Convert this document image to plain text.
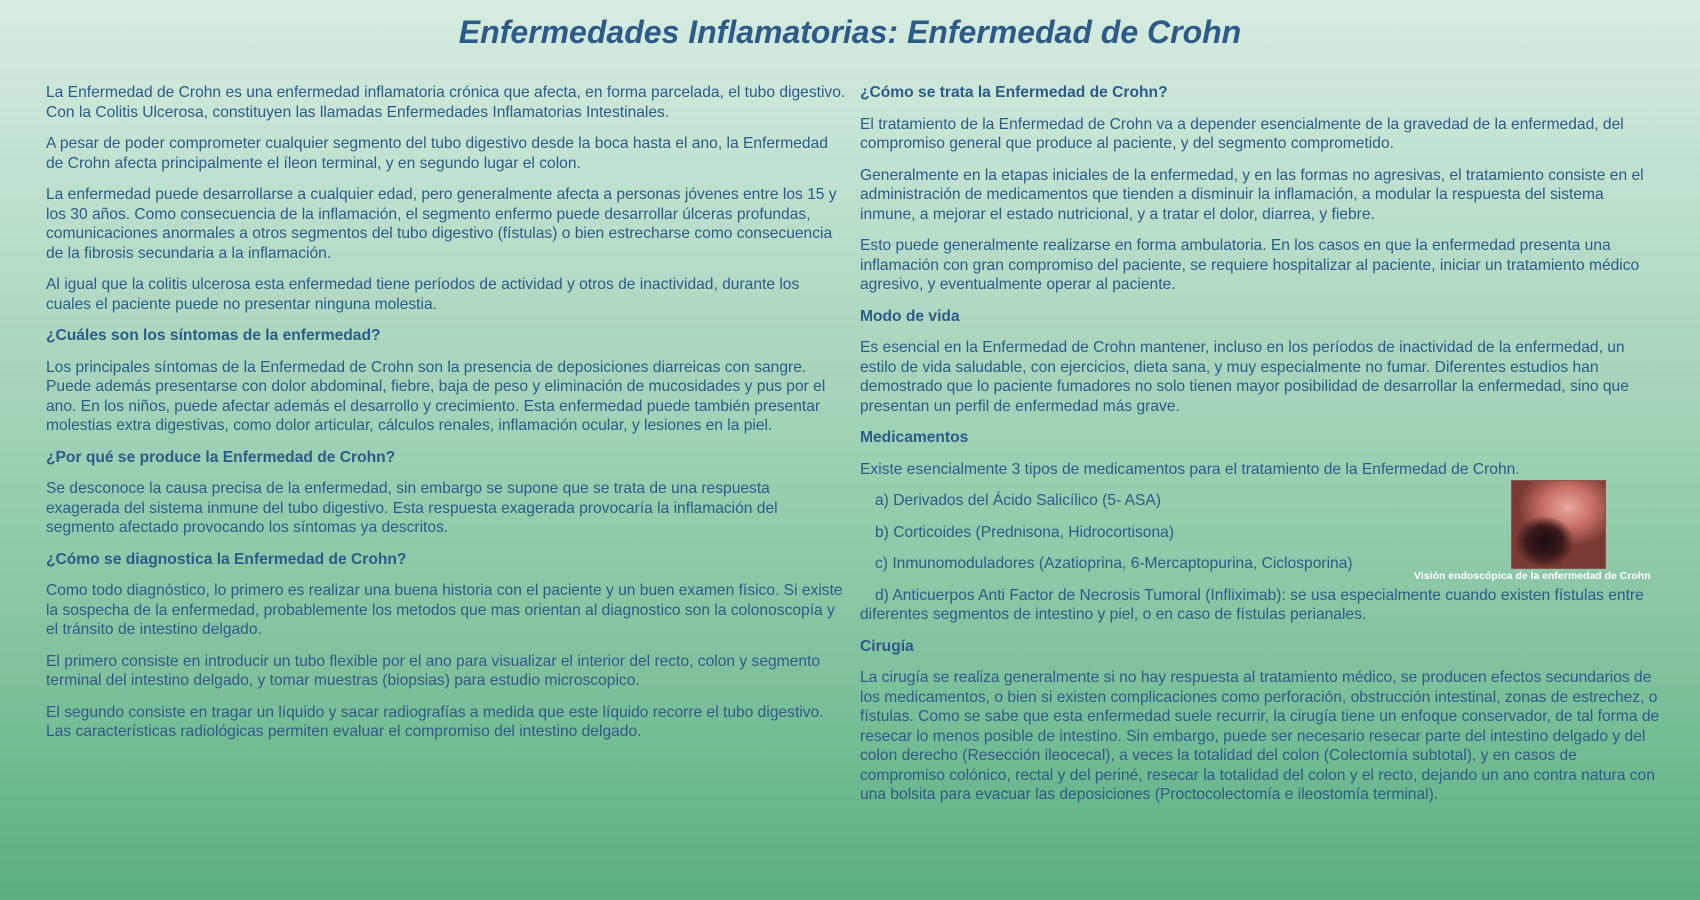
Enfermedades Inflamatorias: Enfermedad de Crohn

La Enfermedad de Crohn es una enfermedad inflamatoria crónica que afecta, en forma parcelada, el tubo digestivo. Con la Colitis Ulcerosa, constituyen las llamadas Enfermedades Inflamatorias Intestinales.

A pesar de poder comprometer cualquier segmento del tubo digestivo desde la boca hasta el ano, la Enfermedad de Crohn afecta principalmente el íleon terminal, y en segundo lugar el colon.

La enfermedad puede desarrollarse a cualquier edad, pero generalmente afecta a personas jóvenes entre los 15 y los 30 años. Como consecuencia de la inflamación, el segmento enfermo puede desarrollar úlceras profundas, comunicaciones anormales a otros segmentos del tubo digestivo (fístulas) o bien estrecharse como consecuencia de la fibrosis secundaria a la inflamación.

Al igual que la colitis ulcerosa esta enfermedad tiene períodos de actividad y otros de inactividad, durante los cuales el paciente puede no presentar ninguna molestia.

¿Cuáles son los síntomas de la enfermedad?

Los principales síntomas de la Enfermedad de Crohn son la presencia de deposiciones diarreicas con sangre. Puede además presentarse con dolor abdominal, fiebre, baja de peso y eliminación de mucosidades y pus por el ano. En los niños, puede afectar además el desarrollo y crecimiento. Esta enfermedad puede también presentar molestias extra digestivas, como dolor articular, cálculos renales, inflamación ocular, y lesiones en la piel.

¿Por qué se produce la Enfermedad de Crohn?

Se desconoce la causa precisa de la enfermedad, sin embargo se supone que se trata de una respuesta exagerada del sistema inmune del tubo digestivo. Esta respuesta exagerada provocaría la inflamación del segmento afectado provocando los síntomas ya descritos.

¿Cómo se diagnostica la Enfermedad de Crohn?

Como todo diagnóstico, lo primero es realizar una buena historia con el paciente y un buen examen físico. Si existe la sospecha de la enfermedad, probablemente los metodos que mas orientan al diagnostico son la colonoscopía y el tránsito de intestino delgado.

El primero consiste en introducir un tubo flexible por el ano para visualizar el interior del recto, colon y segmento terminal del intestino delgado, y tomar muestras (biopsias) para estudio microscopico.

El segundo consiste en tragar un líquido y sacar radiografías a medida que este líquido recorre el tubo digestivo. Las características radiológicas permiten evaluar el compromiso del intestino delgado.

¿Cómo se trata la Enfermedad de Crohn?

El tratamiento de la Enfermedad de Crohn va a depender esencialmente de la gravedad de la enfermedad, del compromiso general que produce al paciente, y del segmento comprometido.

Generalmente en la etapas iniciales de la enfermedad, y en las formas no agresivas, el tratamiento consiste en el administración de medicamentos que tienden a disminuir la inflamación, a modular la respuesta del sistema inmune, a mejorar el estado nutricional, y a tratar el dolor, diarrea, y fiebre.

Esto puede generalmente realizarse en forma ambulatoria. En los casos en que la enfermedad presenta una inflamación con gran compromiso del paciente, se requiere hospitalizar al paciente, iniciar un tratamiento médico agresivo, y eventualmente operar al paciente.

Modo de vida

Es esencial en la Enfermedad de Crohn mantener, incluso en los períodos de inactividad de la enfermedad, un estilo de vida saludable, con ejercicios, dieta sana, y muy especialmente no fumar. Diferentes estudios han demostrado que lo paciente fumadores no solo tienen mayor posibilidad de desarrollar la enfermedad, sino que presentan un perfil de enfermedad más grave.

Medicamentos

Existe esencialmente 3 tipos de medicamentos para el tratamiento de la Enfermedad de Crohn.

a) Derivados del Ácido Salicílico (5- ASA)

b) Corticoides (Prednisona, Hidrocortisona)

c) Inmunomoduladores (Azatioprina, 6-Mercaptopurina, Ciclosporina)

d) Anticuerpos Anti Factor de Necrosis Tumoral (Infliximab): se usa especialmente cuando existen fístulas entre diferentes segmentos de intestino y piel, o en caso de fístulas perianales.

Cirugía

La cirugía se realiza generalmente si no hay respuesta al tratamiento médico, se producen efectos secundarios de los medicamentos, o bien si existen complicaciones como perforación, obstrucción intestinal, zonas de estrechez, o fístulas. Como se sabe que esta enfermedad suele recurrir, la cirugía tiene un enfoque conservador, de tal forma de resecar lo menos posible de intestino. Sin embargo, puede ser necesario resecar parte del intestino delgado y del colon derecho (Resección ileocecal), a veces la totalidad del colon (Colectomía subtotal), y en casos de compromiso colónico, rectal y del periné, resecar la totalidad del colon y el recto, dejando un ano contra natura con una bolsita para evacuar las deposiciones (Proctocolectomía e ileostomía terminal).

Visión endoscópica de la enfermedad de Crohn
